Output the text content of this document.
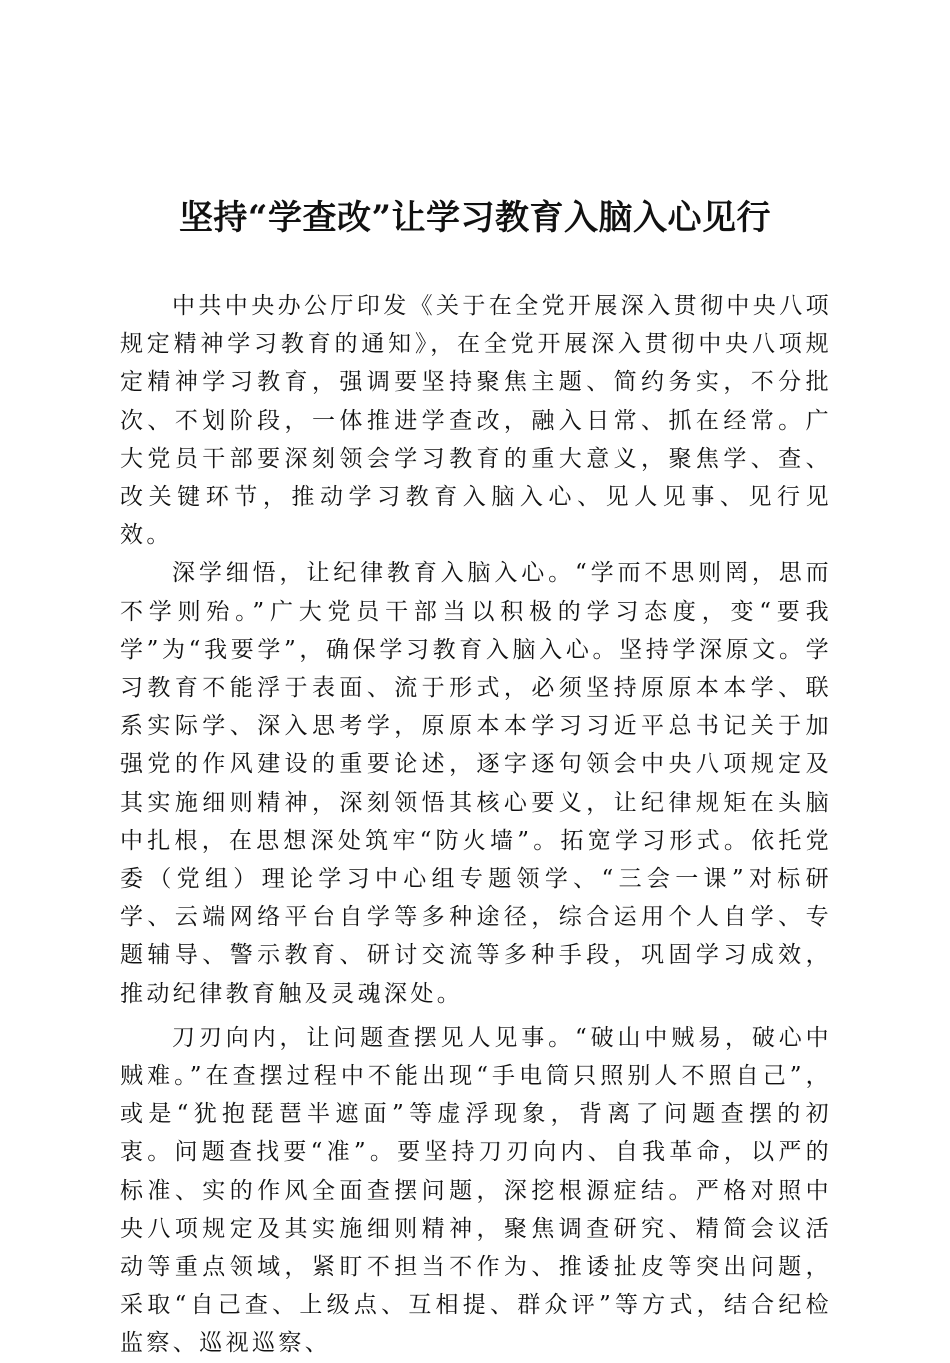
坚持“学查改”让学习教育入脑入心见行

中共中央办公厅印发《关于在全党开展深入贯彻中央八项规定精神学习教育的通知》，在全党开展深入贯彻中央八项规定精神学习教育，强调要坚持聚焦主题、简约务实，不分批次、不划阶段，一体推进学查改，融入日常、抓在经常。广大党员干部要深刻领会学习教育的重大意义，聚焦学、查、改关键环节，推动学习教育入脑入心、见人见事、见行见效。

深学细悟，让纪律教育入脑入心。“学而不思则罔，思而不学则殆。”广大党员干部当以积极的学习态度，变“要我学”为“我要学”，确保学习教育入脑入心。坚持学深原文。学习教育不能浮于表面、流于形式，必须坚持原原本本学、联系实际学、深入思考学，原原本本学习习近平总书记关于加强党的作风建设的重要论述，逐字逐句领会中央八项规定及其实施细则精神，深刻领悟其核心要义，让纪律规矩在头脑中扎根，在思想深处筑牢“防火墙”。拓宽学习形式。依托党委（党组）理论学习中心组专题领学、“三会一课”对标研学、云端网络平台自学等多种途径，综合运用个人自学、专题辅导、警示教育、研讨交流等多种手段，巩固学习成效，推动纪律教育触及灵魂深处。

刀刃向内，让问题查摆见人见事。“破山中贼易，破心中贼难。”在查摆过程中不能出现“手电筒只照别人不照自己”，或是“犹抱琵琶半遮面”等虚浮现象，背离了问题查摆的初衷。问题查找要“准”。要坚持刀刃向内、自我革命，以严的标准、实的作风全面查摆问题，深挖根源症结。严格对照中央八项规定及其实施细则精神，聚焦调查研究、精简会议活动等重点领域，紧盯不担当不作为、推诿扯皮等突出问题，采取“自己查、上级点、互相提、群众评”等方式，结合纪检监察、巡视巡察、
